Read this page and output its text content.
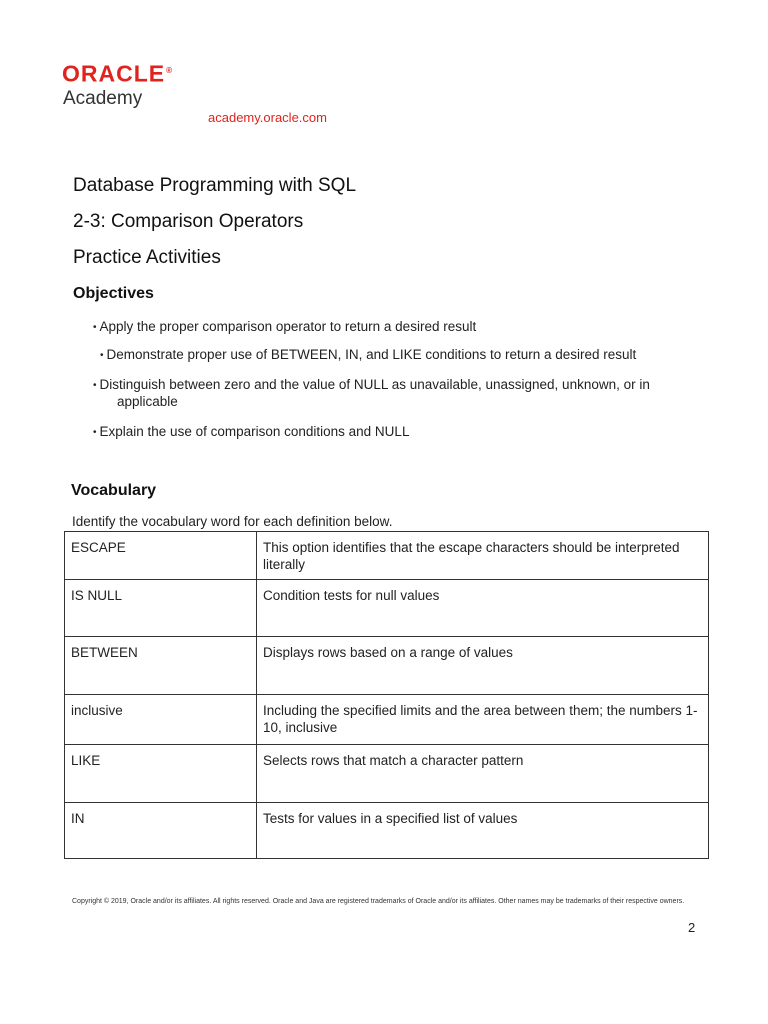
ORACLE®
Academy
academy.oracle.com
Database Programming with SQL
2-3: Comparison Operators
Practice Activities
Objectives
• Apply the proper comparison operator to return a desired result
• Demonstrate proper use of BETWEEN, IN, and LIKE conditions to return a desired result
• Distinguish between zero and the value of NULL as unavailable, unassigned, unknown, or in
applicable
• Explain the use of comparison conditions and NULL
Vocabulary
Identify the vocabulary word for each definition below.
ESCAPE	This option identifies that the escape characters should be interpreted literally
IS NULL	Condition tests for null values
BETWEEN	Displays rows based on a range of values
inclusive	Including the specified limits and the area between them; the numbers 1-10, inclusive
LIKE	Selects rows that match a character pattern
IN	Tests for values in a specified list of values
Copyright © 2019, Oracle and/or its affiliates. All rights reserved. Oracle and Java are registered trademarks of Oracle and/or its affiliates. Other names may be trademarks of their respective owners.
2
